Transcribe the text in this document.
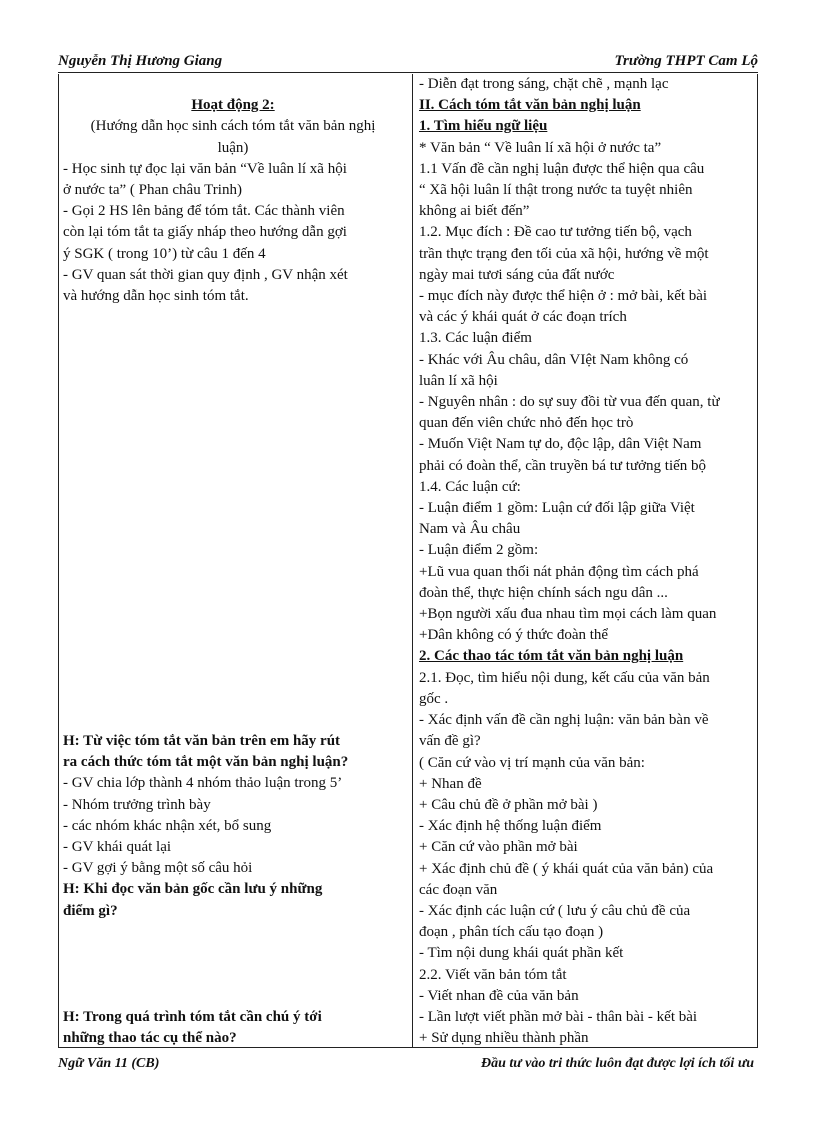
Nguyễn Thị Hương Giang	Trường THPT Cam Lộ

Hoạt động 2:

(Hướng dẫn học sinh cách tóm tắt văn bản nghị

luận)

- Học sinh tự đọc lại văn bản “Về luân lí xã hội

ở nước ta” ( Phan châu Trinh)

- Gọi 2 HS lên bảng để tóm tắt. Các thành viên

còn lại tóm tắt ta giấy nháp theo hướng dẫn gợi

ý SGK ( trong 10’) từ câu 1 đến 4

- GV quan sát thời gian quy định , GV nhận xét

và hướng dẫn học sinh tóm tắt.

H: Từ việc tóm tắt văn bản trên em hãy rút

ra cách thức tóm tắt một văn bản nghị luận?

- GV chia lớp thành 4 nhóm thảo luận trong 5’

- Nhóm trưởng trình bày

- các nhóm khác nhận xét, bổ sung

- GV khái quát lại

- GV gợi ý bằng một số câu hỏi

H: Khi đọc văn bản gốc cần lưu ý những

điểm gì?

H: Trong quá trình tóm tắt cần chú ý tới

những thao tác cụ thể nào?

- Diễn đạt trong sáng, chặt chẽ , mạnh lạc

II. Cách tóm tắt văn bản nghị luận

1. Tìm hiểu ngữ liệu

* Văn bản “ Về luân lí xã hội ở nước ta”

1.1 Vấn đề cần nghị luận được thể hiện qua câu

“ Xã hội luân lí thật trong nước ta tuyệt nhiên

không ai biết đến”

1.2. Mục đích : Đề cao tư tưởng tiến bộ, vạch

trần thực trạng đen tối của xã hội, hướng về một

ngày mai tươi sáng của đất nước

- mục đích này được thể hiện ở : mở bài, kết bài

và các ý khái quát ở các đoạn trích

1.3. Các luận điểm

- Khác với Âu châu, dân VIệt Nam không có

luân lí xã hội

- Nguyên nhân : do sự suy đồi từ vua đến quan, từ

quan đến viên chức nhỏ đến học trò

- Muốn Việt Nam tự do, độc lập, dân Việt Nam

phải có đoàn thể, cần truyền bá tư tưởng tiến bộ

1.4. Các luận cứ:

- Luận điểm 1 gồm: Luận cứ đối lập giữa Việt

Nam và Âu châu

- Luận điểm 2 gồm:

+Lũ vua quan thối nát phản động tìm cách phá

đoàn thể, thực hiện chính sách ngu dân ...

+Bọn người xấu đua nhau tìm mọi cách làm quan

+Dân không có ý thức đoàn thể

2. Các thao tác tóm tắt văn bản nghị luận

2.1. Đọc, tìm hiểu nội dung, kết cấu của văn bản

gốc .

- Xác định vấn đề cần nghị luận: văn bản bàn về

vấn đề gì?

( Căn cứ vào vị trí mạnh của văn bản:

+ Nhan đề

+ Câu chủ đề ở phần mở bài )

- Xác định hệ thống luận điểm

+ Căn cứ vào phần mở bài

+ Xác định chủ đề ( ý khái quát của văn bản) của

các đoạn văn

- Xác định các luận cứ ( lưu ý câu chủ đề của

đoạn , phân tích cấu tạo đoạn )

- Tìm nội dung khái quát phần kết

2.2. Viết văn bản tóm tắt

- Viết nhan đề của văn bản

- Lần lượt viết phần mở bài - thân bài - kết bài

+ Sử dụng nhiều thành phần

Ngữ Văn 11 (CB)	Đầu tư vào tri thức luôn đạt được lợi ích tối ưu
